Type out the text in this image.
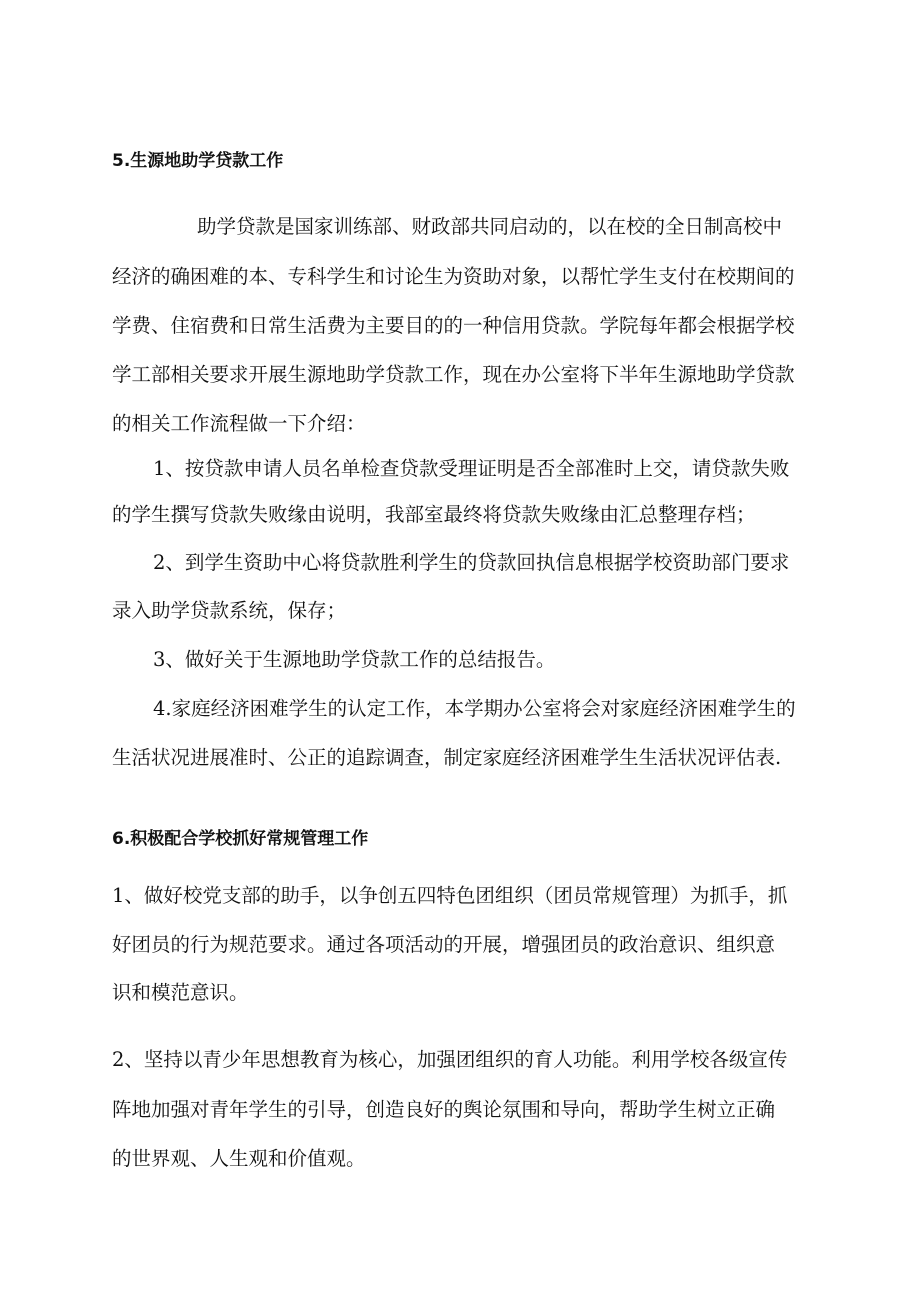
5.生源地助学贷款工作

助学贷款是国家训练部、财政部共同启动的，以在校的全日制高校中

经济的确困难的本、专科学生和讨论生为资助对象，以帮忙学生支付在校期间的

学费、住宿费和日常生活费为主要目的的一种信用贷款。学院每年都会根据学校

学工部相关要求开展生源地助学贷款工作，现在办公室将下半年生源地助学贷款

的相关工作流程做一下介绍：

1、按贷款申请人员名单检查贷款受理证明是否全部准时上交，请贷款失败

的学生撰写贷款失败缘由说明，我部室最终将贷款失败缘由汇总整理存档；

2、到学生资助中心将贷款胜利学生的贷款回执信息根据学校资助部门要求

录入助学贷款系统，保存；

3、做好关于生源地助学贷款工作的总结报告。

4.家庭经济困难学生的认定工作，本学期办公室将会对家庭经济困难学生的

生活状况进展准时、公正的追踪调查，制定家庭经济困难学生生活状况评估表.

6.积极配合学校抓好常规管理工作

1、做好校党支部的助手，以争创五四特色团组织（团员常规管理）为抓手，抓

好团员的行为规范要求。通过各项活动的开展，增强团员的政治意识、组织意

识和模范意识。

2、坚持以青少年思想教育为核心，加强团组织的育人功能。利用学校各级宣传

阵地加强对青年学生的引导，创造良好的舆论氛围和导向，帮助学生树立正确

的世界观、人生观和价值观。
